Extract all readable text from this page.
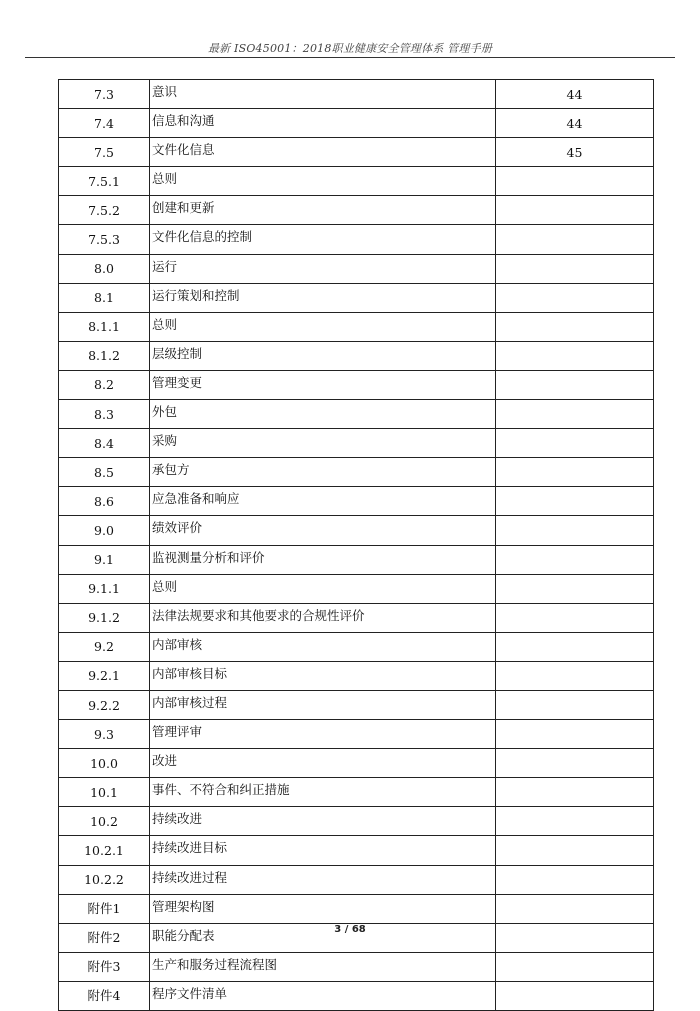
最新 ISO45001：2018职业健康安全管理体系 管理手册
7.3	意识	44
7.4	信息和沟通	44
7.5	文件化信息	45
7.5.1	总则	
7.5.2	创建和更新	
7.5.3	文件化信息的控制	
8.0	运行	
8.1	运行策划和控制	
8.1.1	总则	
8.1.2	层级控制	
8.2	管理变更	
8.3	外包	
8.4	采购	
8.5	承包方	
8.6	应急准备和响应	
9.0	绩效评价	
9.1	监视测量分析和评价	
9.1.1	总则	
9.1.2	法律法规要求和其他要求的合规性评价	
9.2	内部审核	
9.2.1	内部审核目标	
9.2.2	内部审核过程	
9.3	管理评审	
10.0	改进	
10.1	事件、不符合和纠正措施	
10.2	持续改进	
10.2.1	持续改进目标	
10.2.2	持续改进过程	
附件1	管理架构图	
附件2	职能分配表	
附件3	生产和服务过程流程图	
附件4	程序文件清单	
3 / 68
